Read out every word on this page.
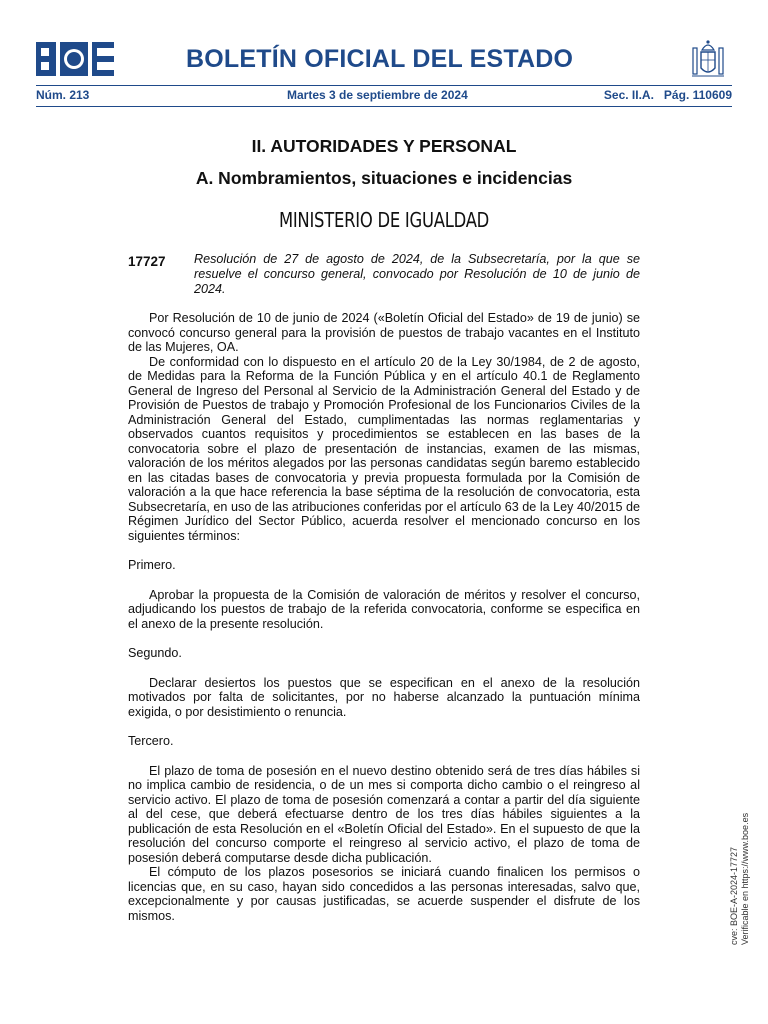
BOLETÍN OFICIAL DEL ESTADO
Núm. 213	Martes 3 de septiembre de 2024	Sec. II.A.   Pág. 110609
II. AUTORIDADES Y PERSONAL
A. Nombramientos, situaciones e incidencias
MINISTERIO DE IGUALDAD
17727 Resolución de 27 de agosto de 2024, de la Subsecretaría, por la que se resuelve el concurso general, convocado por Resolución de 10 de junio de 2024.

Por Resolución de 10 de junio de 2024 («Boletín Oficial del Estado» de 19 de junio) se convocó concurso general para la provisión de puestos de trabajo vacantes en el Instituto de las Mujeres, OA.

De conformidad con lo dispuesto en el artículo 20 de la Ley 30/1984, de 2 de agosto, de Medidas para la Reforma de la Función Pública y en el artículo 40.1 de Reglamento General de Ingreso del Personal al Servicio de la Administración General del Estado y de Provisión de Puestos de trabajo y Promoción Profesional de los Funcionarios Civiles de la Administración General del Estado, cumplimentadas las normas reglamentarias y observados cuantos requisitos y procedimientos se establecen en las bases de la convocatoria sobre el plazo de presentación de instancias, examen de las mismas, valoración de los méritos alegados por las personas candidatas según baremo establecido en las citadas bases de convocatoria y previa propuesta formulada por la Comisión de valoración a la que hace referencia la base séptima de la resolución de convocatoria, esta Subsecretaría, en uso de las atribuciones conferidas por el artículo 63 de la Ley 40/2015 de Régimen Jurídico del Sector Público, acuerda resolver el mencionado concurso en los siguientes términos:

Primero.

Aprobar la propuesta de la Comisión de valoración de méritos y resolver el concurso, adjudicando los puestos de trabajo de la referida convocatoria, conforme se especifica en el anexo de la presente resolución.

Segundo.

Declarar desiertos los puestos que se especifican en el anexo de la resolución motivados por falta de solicitantes, por no haberse alcanzado la puntuación mínima exigida, o por desistimiento o renuncia.

Tercero.

El plazo de toma de posesión en el nuevo destino obtenido será de tres días hábiles si no implica cambio de residencia, o de un mes si comporta dicho cambio o el reingreso al servicio activo. El plazo de toma de posesión comenzará a contar a partir del día siguiente al del cese, que deberá efectuarse dentro de los tres días hábiles siguientes a la publicación de esta Resolución en el «Boletín Oficial del Estado». En el supuesto de que la resolución del concurso comporte el reingreso al servicio activo, el plazo de toma de posesión deberá computarse desde dicha publicación.

El cómputo de los plazos posesorios se iniciará cuando finalicen los permisos o licencias que, en su caso, hayan sido concedidos a las personas interesadas, salvo que, excepcionalmente y por causas justificadas, se acuerde suspender el disfrute de los mismos.	cve: BOE-A-2024-17727 Verificable en https://www.boe.es
